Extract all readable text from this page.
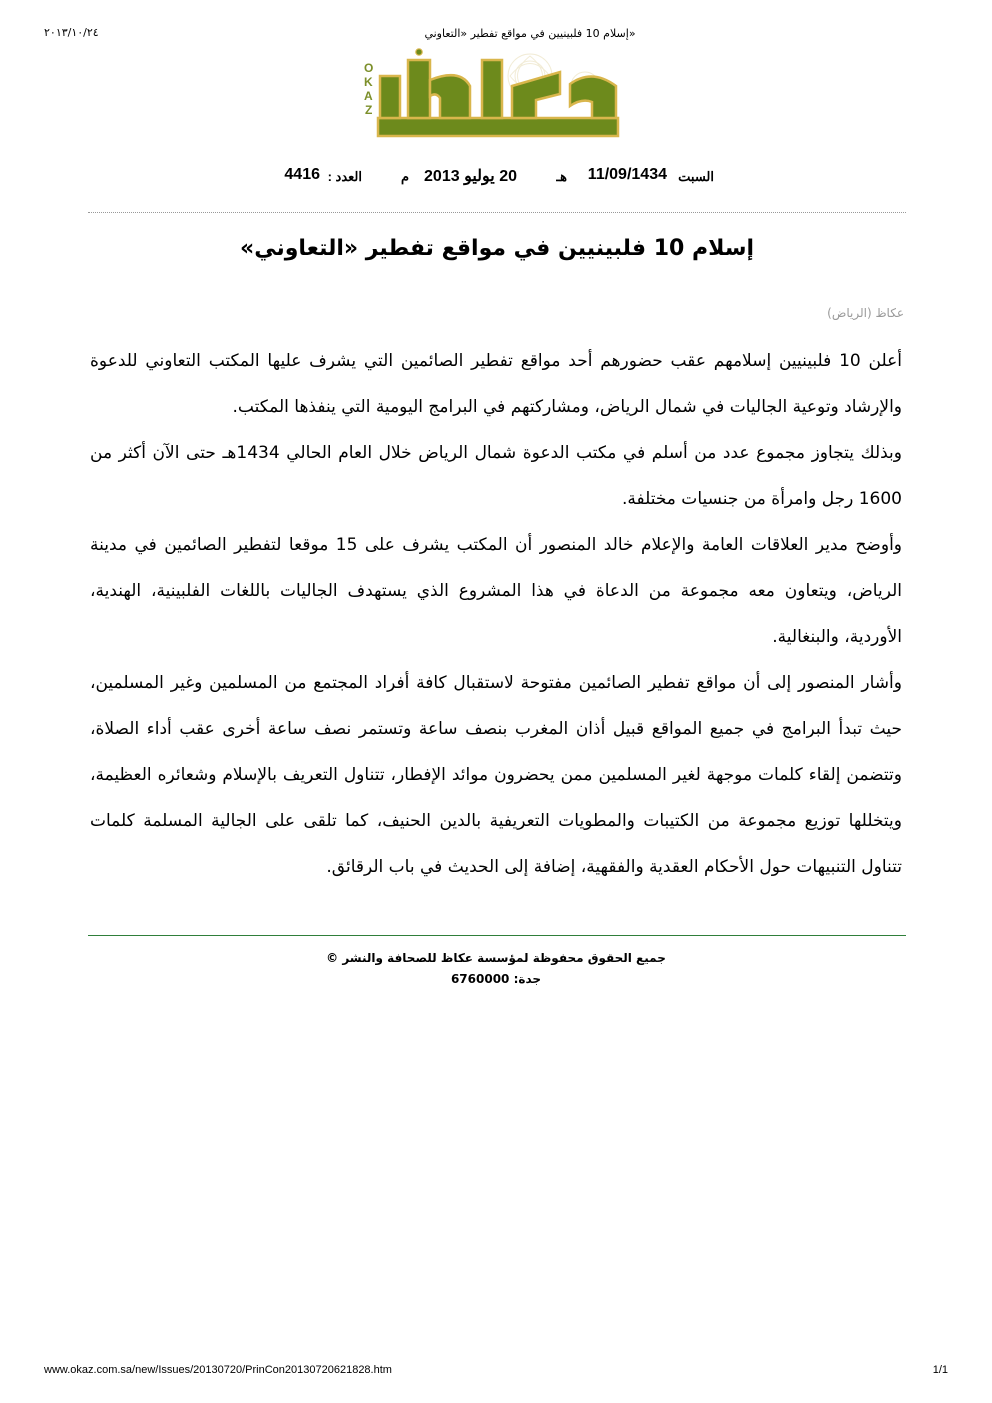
٢٠١٣/١٠/٢٤	«إسلام 10 فلبينيين في مواقع تفطير «التعاوني
O
K
A
Z
السبت
11/09/1434
هـ
20 يوليو 2013
م
العدد :
4416
إسلام 10 فلبينيين في مواقع تفطير «التعاوني»
عكاظ (الرياض)

أعلن 10 فلبينيين إسلامهم عقب حضورهم أحد مواقع تفطير الصائمين التي يشرف عليها المكتب التعاوني للدعوة والإرشاد وتوعية الجاليات في شمال الرياض، ومشاركتهم في البرامج اليومية التي ينفذها المكتب.

وبذلك يتجاوز مجموع عدد من أسلم في مكتب الدعوة شمال الرياض خلال العام الحالي 1434هـ حتى الآن أكثر من 1600 رجل وامرأة من جنسيات مختلفة.

وأوضح مدير العلاقات العامة والإعلام خالد المنصور أن المكتب يشرف على 15 موقعا لتفطير الصائمين في مدينة الرياض، ويتعاون معه مجموعة من الدعاة في هذا المشروع الذي يستهدف الجاليات باللغات الفلبينية، الهندية، الأوردية، والبنغالية.

وأشار المنصور إلى أن مواقع تفطير الصائمين مفتوحة لاستقبال كافة أفراد المجتمع من المسلمين وغير المسلمين، حيث تبدأ البرامج في جميع المواقع قبيل أذان المغرب بنصف ساعة وتستمر نصف ساعة أخرى عقب أداء الصلاة، وتتضمن إلقاء كلمات موجهة لغير المسلمين ممن يحضرون موائد الإفطار، تتناول التعريف بالإسلام وشعائره العظيمة، ويتخللها توزيع مجموعة من الكتيبات والمطويات التعريفية بالدين الحنيف، كما تلقى على الجالية المسلمة كلمات تتناول التنبيهات حول الأحكام العقدية والفقهية، إضافة إلى الحديث في باب الرقائق.

جميع الحقوق محفوظة لمؤسسة عكاظ للصحافة والنشر ©
جدة: 6760000
www.okaz.com.sa/new/Issues/20130720/PrinCon20130720621828.htm	1/1
